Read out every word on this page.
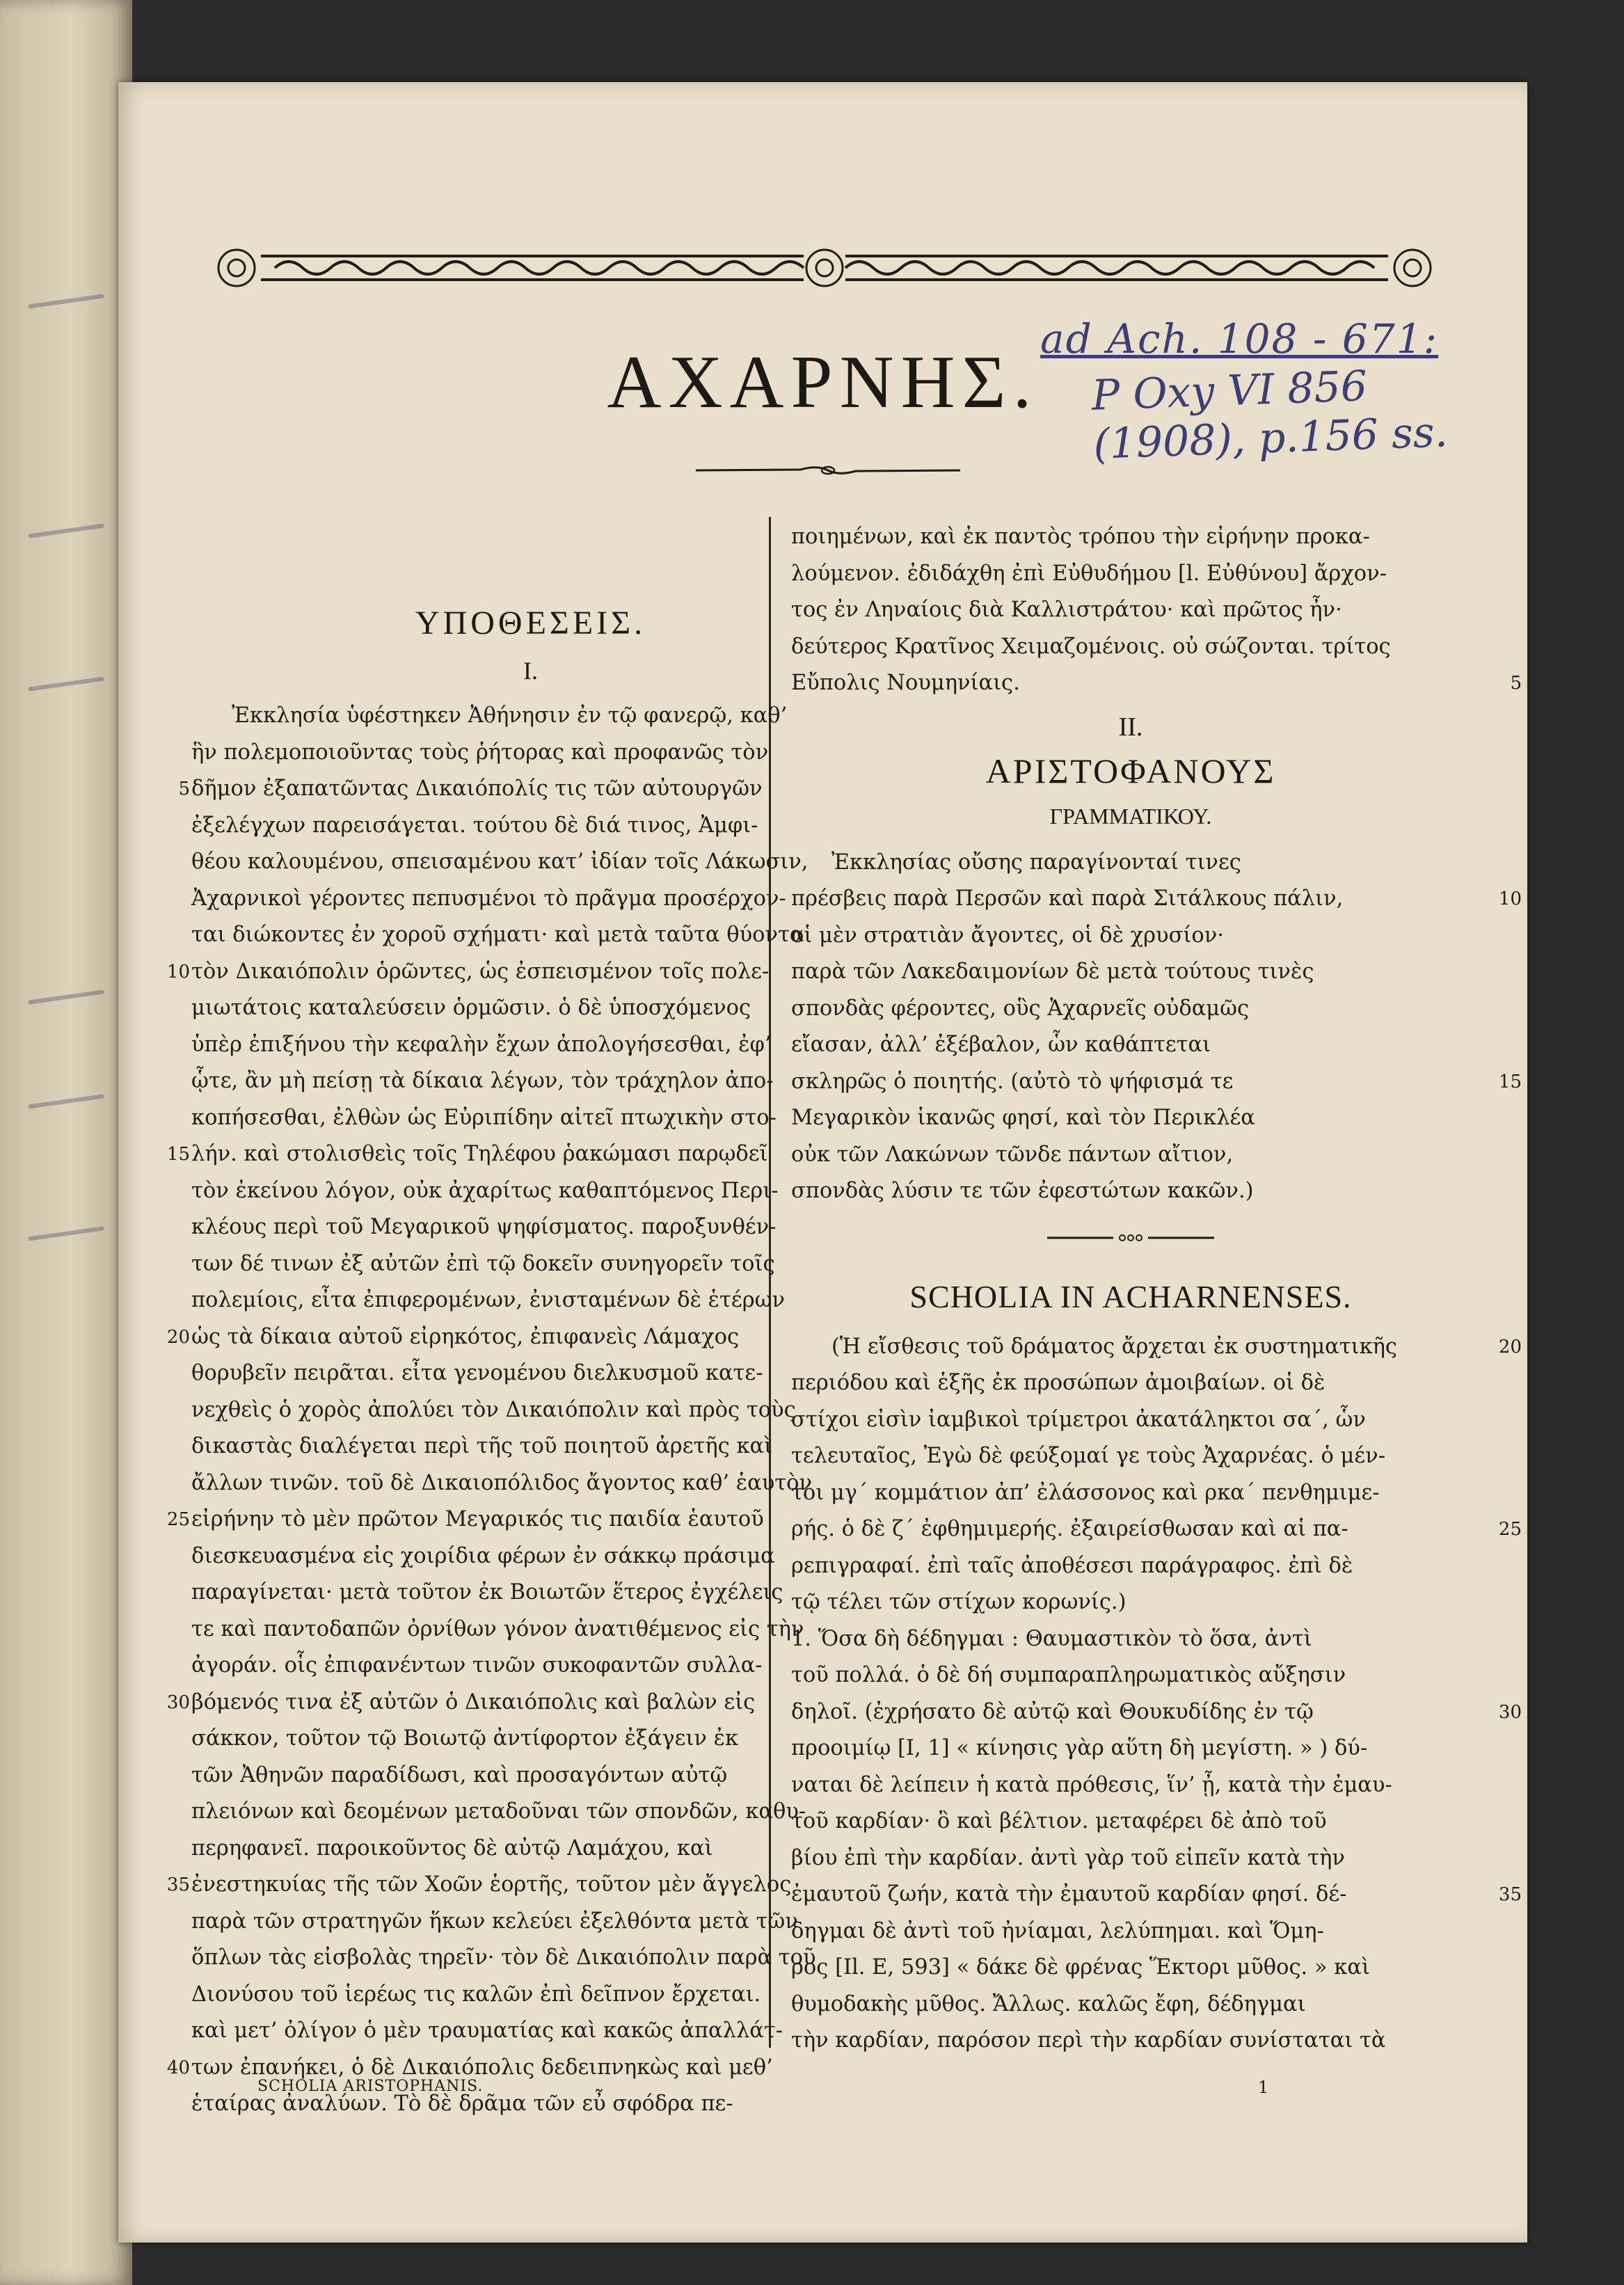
ΑΧΑΡΝΗΣ.
ad Ach. 108 - 671:
P Oxy VI 856 (1908), p.156 ss.
ΥΠΟΘΕΣΕΙΣ.
I.
Ἐκκλησία ὑφέστηκεν Ἀθήνησιν ἐν τῷ φανερῷ, καθ’
ἣν πολεμοποιοῦντας τοὺς ῥήτορας καὶ προφανῶς τὸν
δῆμον ἐξαπατῶντας Δικαιόπολίς τις τῶν αὐτουργῶν
5
ἐξελέγχων παρεισάγεται. τούτου δὲ διά τινος, Ἀμφι-
θέου καλουμένου, σπεισαμένου κατ’ ἰδίαν τοῖς Λάκωσιν,
Ἀχαρνικοὶ γέροντες πεπυσμένοι τὸ πρᾶγμα προσέρχον-
ται διώκοντες ἐν χοροῦ σχήματι· καὶ μετὰ ταῦτα θύοντα
τὸν Δικαιόπολιν ὁρῶντες, ὡς ἐσπεισμένον τοῖς πολε-
10
μιωτάτοις καταλεύσειν ὁρμῶσιν. ὁ δὲ ὑποσχόμενος
ὑπὲρ ἐπιξήνου τὴν κεφαλὴν ἔχων ἀπολογήσεσθαι, ἐφ’
ᾧτε, ἂν μὴ πείσῃ τὰ δίκαια λέγων, τὸν τράχηλον ἀπο-
κοπήσεσθαι, ἐλθὼν ὡς Εὐριπίδην αἰτεῖ πτωχικὴν στο-
λήν. καὶ στολισθεὶς τοῖς Τηλέφου ῥακώμασι παρῳδεῖ
15
τὸν ἐκείνου λόγον, οὐκ ἀχαρίτως καθαπτόμενος Περι-
κλέους περὶ τοῦ Μεγαρικοῦ ψηφίσματος. παροξυνθέν-
των δέ τινων ἐξ αὐτῶν ἐπὶ τῷ δοκεῖν συνηγορεῖν τοῖς
πολεμίοις, εἶτα ἐπιφερομένων, ἐνισταμένων δὲ ἑτέρων
ὡς τὰ δίκαια αὐτοῦ εἰρηκότος, ἐπιφανεὶς Λάμαχος
20
θορυβεῖν πειρᾶται. εἶτα γενομένου διελκυσμοῦ κατε-
νεχθεὶς ὁ χορὸς ἀπολύει τὸν Δικαιόπολιν καὶ πρὸς τοὺς
δικαστὰς διαλέγεται περὶ τῆς τοῦ ποιητοῦ ἀρετῆς καὶ
ἄλλων τινῶν. τοῦ δὲ Δικαιοπόλιδος ἄγοντος καθ’ ἑαυτὸν
εἰρήνην τὸ μὲν πρῶτον Μεγαρικός τις παιδία ἑαυτοῦ
25
διεσκευασμένα εἰς χοιρίδια φέρων ἐν σάκκῳ πράσιμα
παραγίνεται· μετὰ τοῦτον ἐκ Βοιωτῶν ἕτερος ἐγχέλεις
τε καὶ παντοδαπῶν ὀρνίθων γόνον ἀνατιθέμενος εἰς τὴν
ἀγοράν. οἷς ἐπιφανέντων τινῶν συκοφαντῶν συλλα-
βόμενός τινα ἐξ αὐτῶν ὁ Δικαιόπολις καὶ βαλὼν εἰς
30
σάκκον, τοῦτον τῷ Βοιωτῷ ἀντίφορτον ἐξάγειν ἐκ
τῶν Ἀθηνῶν παραδίδωσι, καὶ προσαγόντων αὐτῷ
πλειόνων καὶ δεομένων μεταδοῦναι τῶν σπονδῶν, καθυ-
περηφανεῖ. παροικοῦντος δὲ αὐτῷ Λαμάχου, καὶ
ἐνεστηκυίας τῆς τῶν Χοῶν ἑορτῆς, τοῦτον μὲν ἄγγελος
35
παρὰ τῶν στρατηγῶν ἥκων κελεύει ἐξελθόντα μετὰ τῶν
ὅπλων τὰς εἰσβολὰς τηρεῖν· τὸν δὲ Δικαιόπολιν παρὰ τοῦ
Διονύσου τοῦ ἱερέως τις καλῶν ἐπὶ δεῖπνον ἔρχεται.
καὶ μετ’ ὀλίγον ὁ μὲν τραυματίας καὶ κακῶς ἀπαλλάτ-
των ἐπανήκει, ὁ δὲ Δικαιόπολις δεδειπνηκὼς καὶ μεθ’
40
ἑταίρας ἀναλύων. Τὸ δὲ δρᾶμα τῶν εὖ σφόδρα πε-
ποιημένων, καὶ ἐκ παντὸς τρόπου τὴν εἰρήνην προκα-
λούμενον. ἐδιδάχθη ἐπὶ Εὐθυδήμου [l. Εὐθύνου] ἄρχον-
τος ἐν Ληναίοις διὰ Καλλιστράτου· καὶ πρῶτος ἦν·
δεύτερος Κρατῖνος Χειμαζομένοις. οὐ σώζονται. τρίτος
Εὔπολις Νουμηνίαις.	5
II.
ΑΡΙΣΤΟΦΑΝΟΥΣ
ΓΡΑΜΜΑΤΙΚΟΥ.
Ἐκκλησίας οὔσης παραγίνονταί τινες
πρέσβεις παρὰ Περσῶν καὶ παρὰ Σιτάλκους πάλιν,	10
οἱ μὲν στρατιὰν ἄγοντες, οἱ δὲ χρυσίον·
παρὰ τῶν Λακεδαιμονίων δὲ μετὰ τούτους τινὲς
σπονδὰς φέροντες, οὓς Ἀχαρνεῖς οὐδαμῶς
εἴασαν, ἀλλ’ ἐξέβαλον, ὧν καθάπτεται
σκληρῶς ὁ ποιητής. (αὐτὸ τὸ ψήφισμά τε	15
Μεγαρικὸν ἱκανῶς φησί, καὶ τὸν Περικλέα
οὐκ τῶν Λακώνων τῶνδε πάντων αἴτιον,
σπονδὰς λύσιν τε τῶν ἐφεστώτων κακῶν.)
SCHOLIA IN ACHARNENSES.
(Ἡ εἴσθεσις τοῦ δράματος ἄρχεται ἐκ συστηματικῆς	20
περιόδου καὶ ἑξῆς ἐκ προσώπων ἀμοιβαίων. οἱ δὲ
στίχοι εἰσὶν ἰαμβικοὶ τρίμετροι ἀκατάληκτοι σα΄, ὧν
τελευταῖος, Ἐγὼ δὲ φεύξομαί γε τοὺς Ἀχαρνέας. ὁ μέν-
τοι μγ΄ κομμάτιον ἀπ’ ἐλάσσονος καὶ ρκα΄ πενθημιμε-
ρής. ὁ δὲ ζ΄ ἐφθημιμερής. ἐξαιρείσθωσαν καὶ αἱ πα-	25
ρεπιγραφαί. ἐπὶ ταῖς ἀποθέσεσι παράγραφος. ἐπὶ δὲ
τῷ τέλει τῶν στίχων κορωνίς.)
1. Ὅσα δὴ δέδηγμαι : Θαυμαστικὸν τὸ ὅσα, ἀντὶ
τοῦ πολλά. ὁ δὲ δή συμπαραπληρωματικὸς αὔξησιν
δηλοῖ. (ἐχρήσατο δὲ αὐτῷ καὶ Θουκυδίδης ἐν τῷ	30
προοιμίῳ [I, 1] « κίνησις γὰρ αὕτη δὴ μεγίστη. » ) δύ-
ναται δὲ λείπειν ἡ κατὰ πρόθεσις, ἵν’ ᾖ, κατὰ τὴν ἐμαυ-
τοῦ καρδίαν· ὃ καὶ βέλτιον. μεταφέρει δὲ ἀπὸ τοῦ
βίου ἐπὶ τὴν καρδίαν. ἀντὶ γὰρ τοῦ εἰπεῖν κατὰ τὴν
ἐμαυτοῦ ζωήν, κατὰ τὴν ἐμαυτοῦ καρδίαν φησί. δέ-	35
δηγμαι δὲ ἀντὶ τοῦ ἠνίαμαι, λελύπημαι. καὶ Ὅμη-
ρος [Il. E, 593] « δάκε δὲ φρένας Ἕκτορι μῦθος. » καὶ
θυμοδακὴς μῦθος. Ἄλλως. καλῶς ἔφη, δέδηγμαι
τὴν καρδίαν, παρόσον περὶ τὴν καρδίαν συνίσταται τὰ
SCHOLIA ARISTOPHANIS.	1
